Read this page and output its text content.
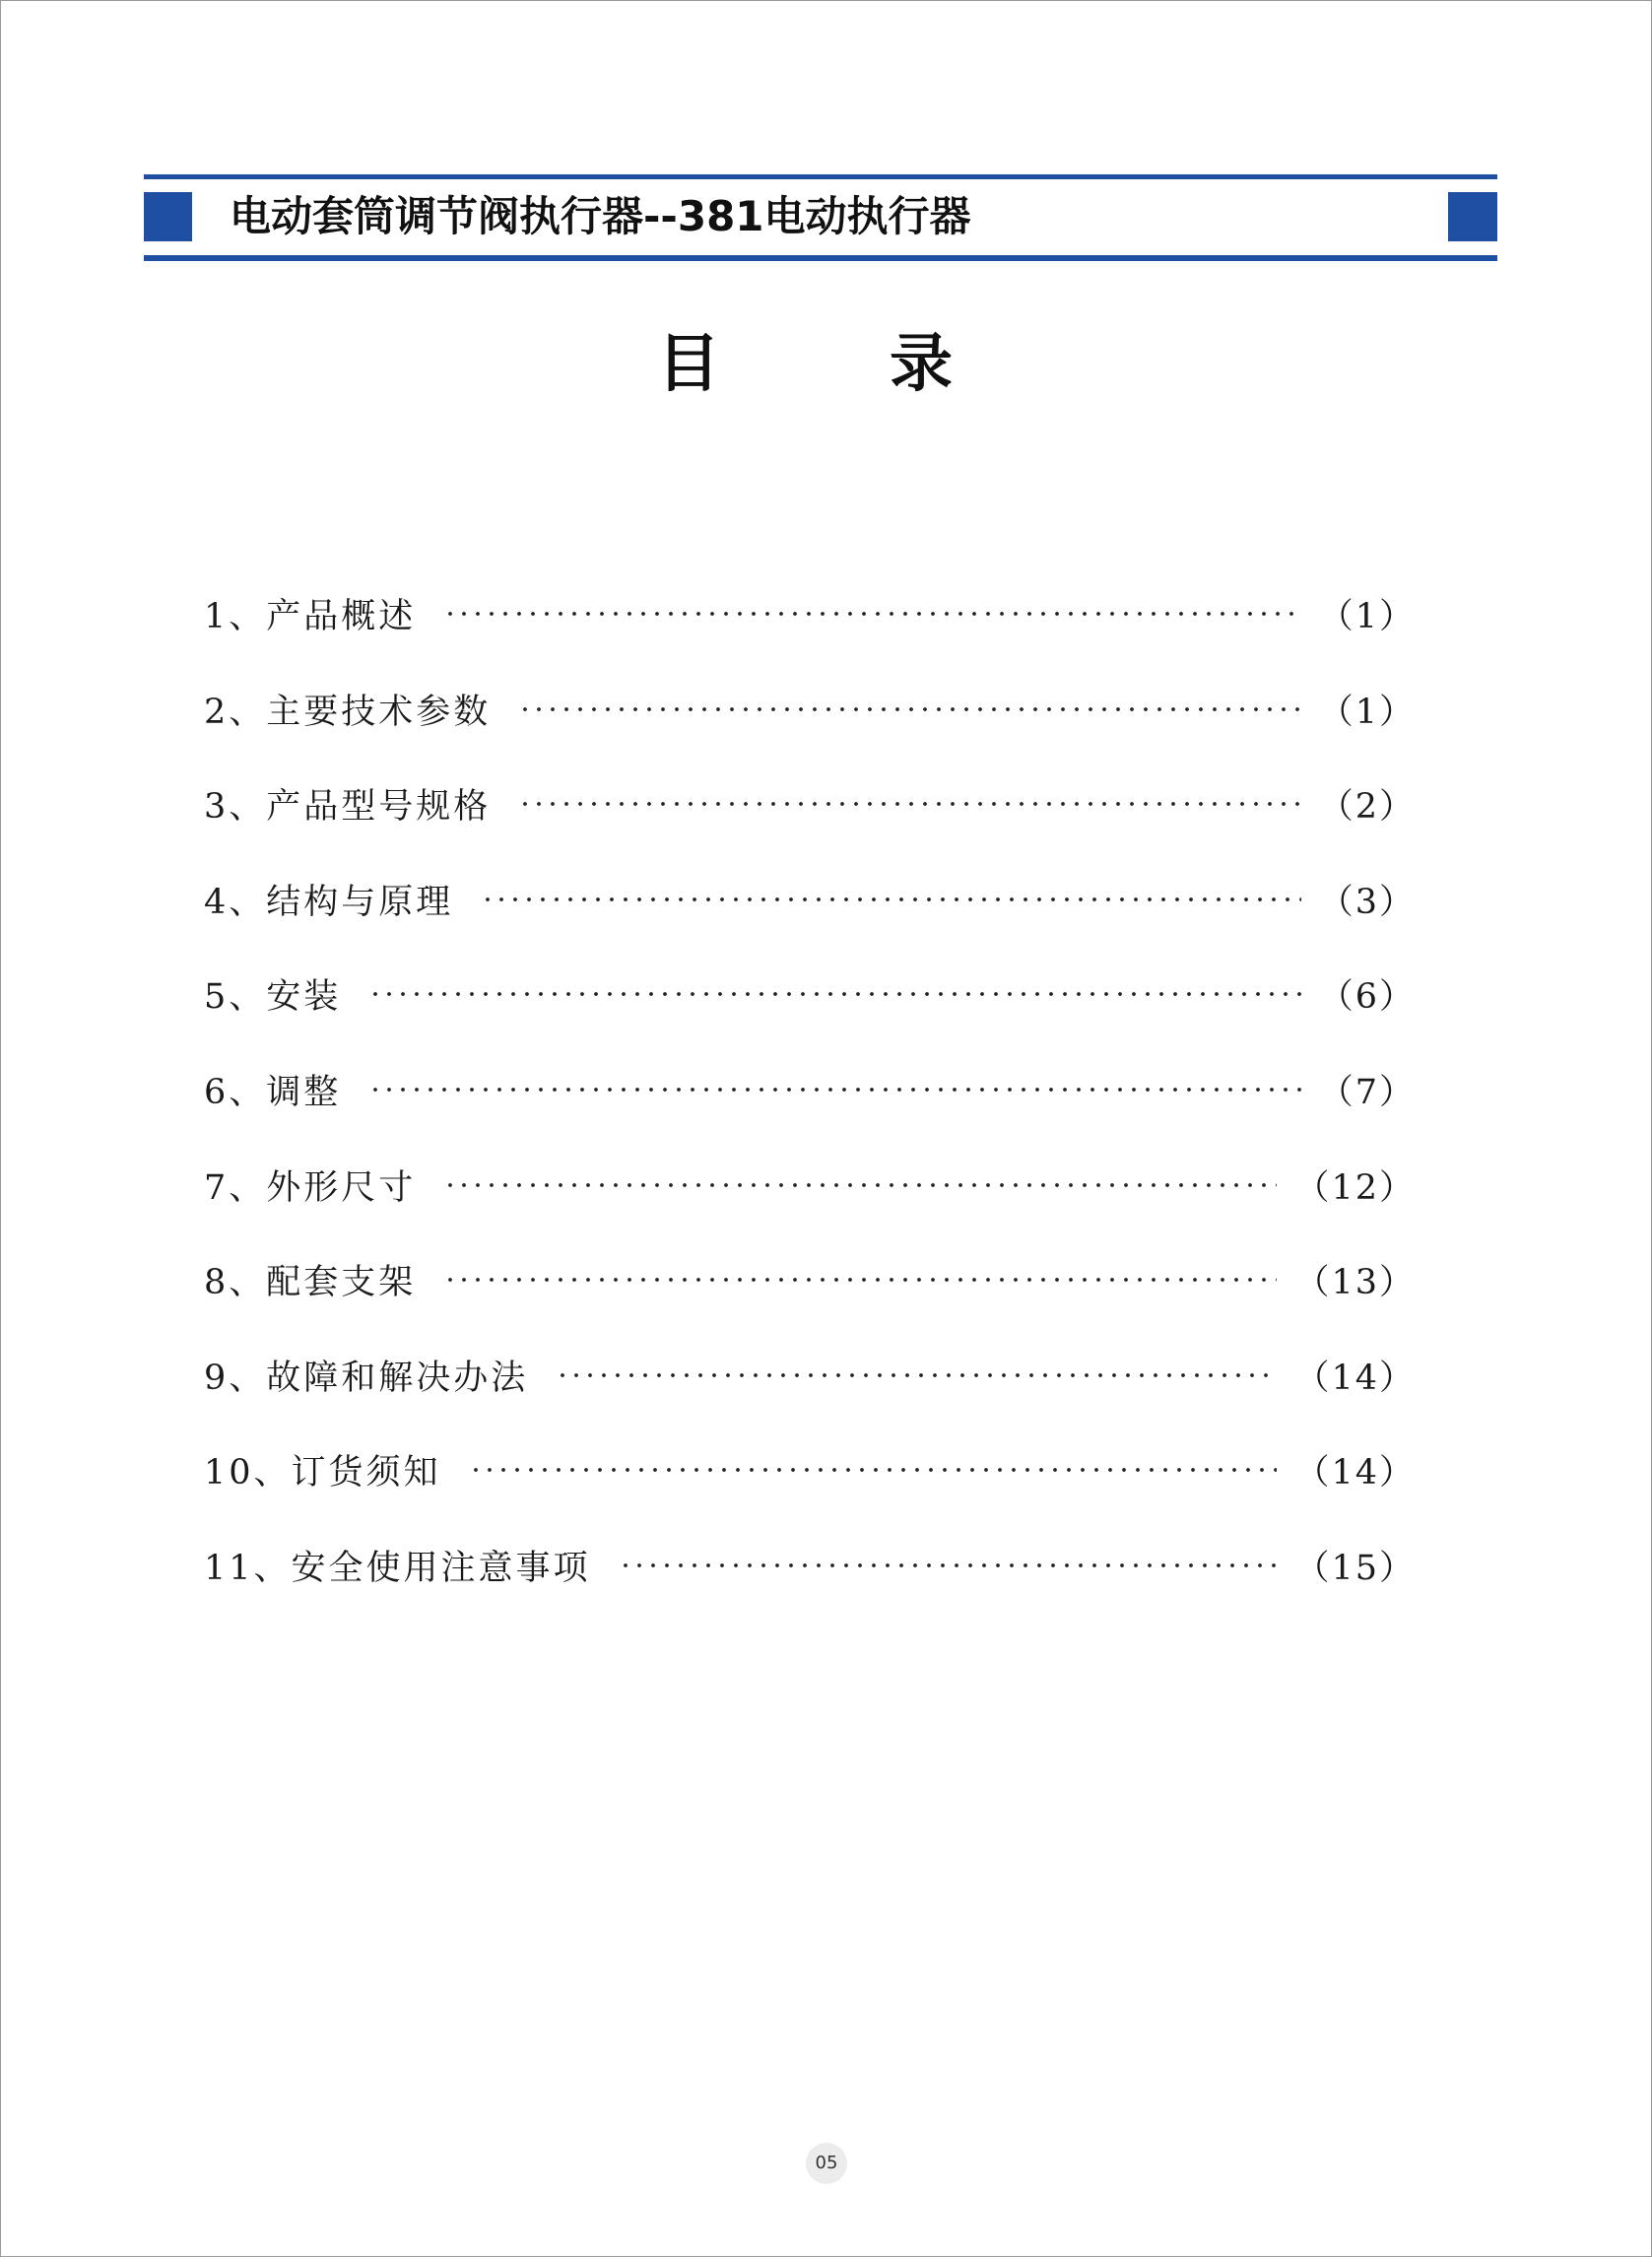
电动套筒调节阀执行器--381电动执行器
目	录
1、产品概述	（1）
2、主要技术参数	（1）
3、产品型号规格	（2）
4、结构与原理	（3）
5、安装	（6）
6、调整	（7）
7、外形尺寸	（12）
8、配套支架	（13）
9、故障和解决办法	（14）
10、订货须知	（14）
11、安全使用注意事项	（15）
05
